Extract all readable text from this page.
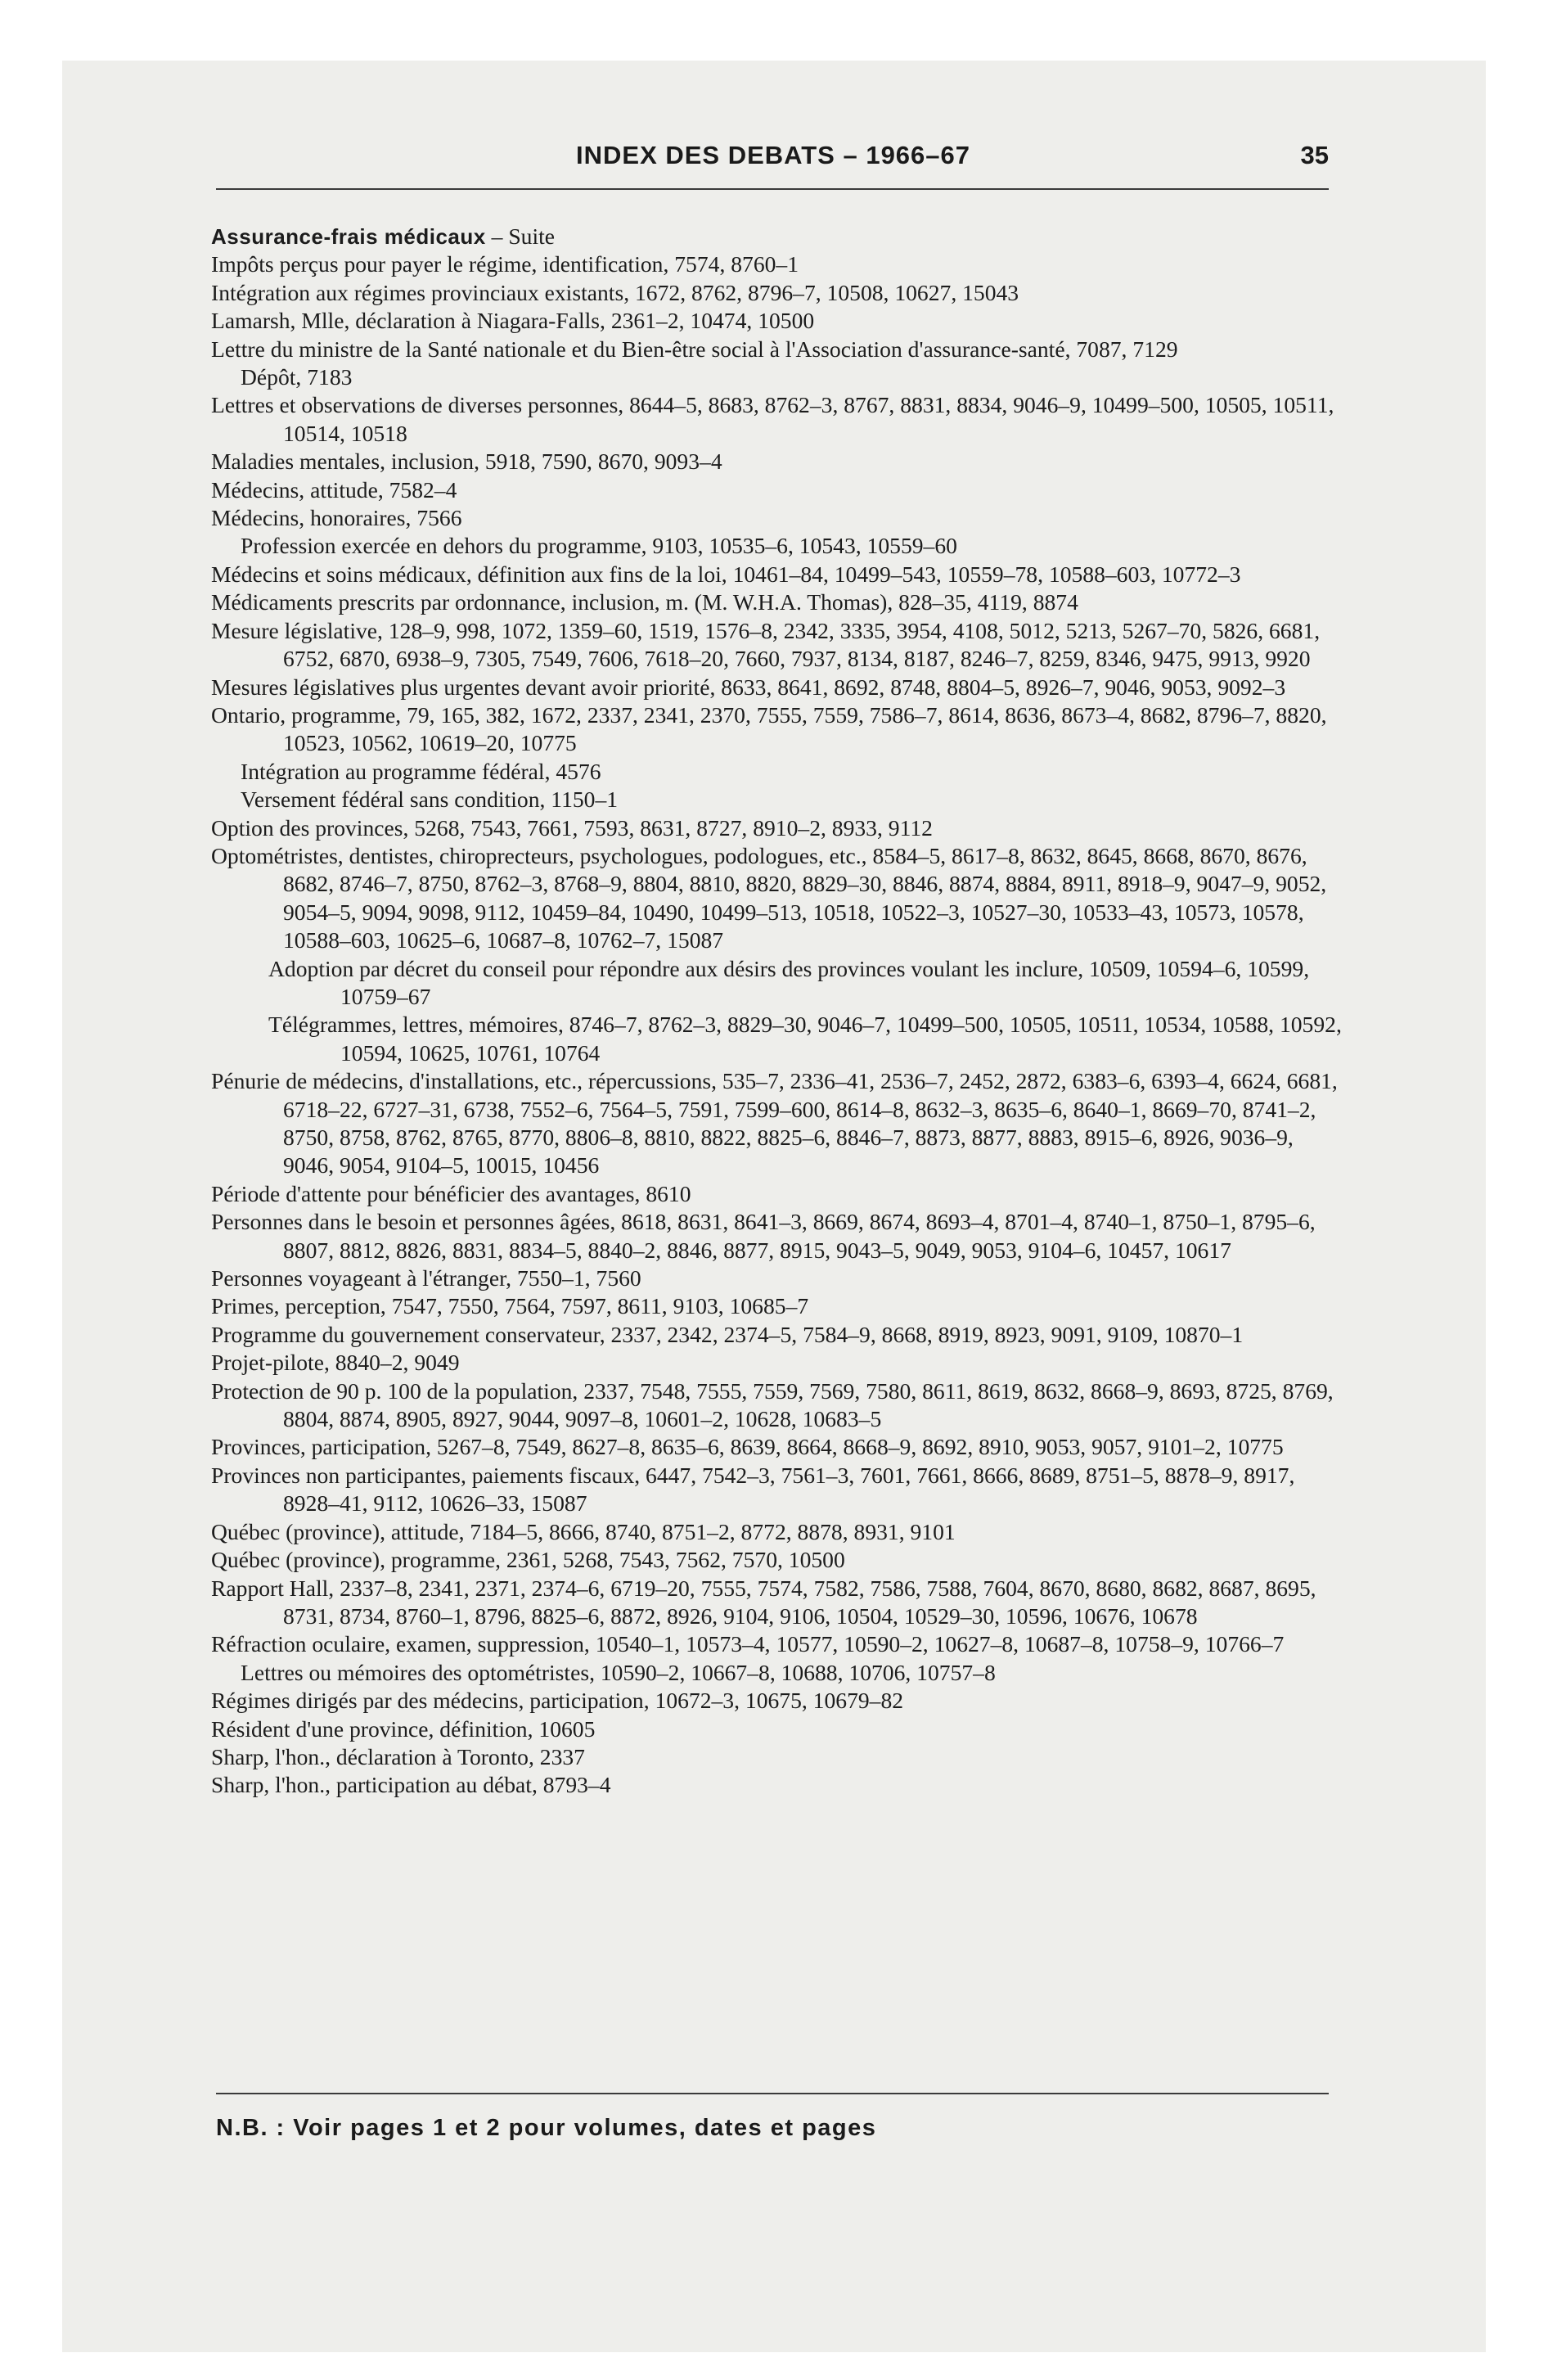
INDEX DES DEBATS – 1966–67	35

Assurance-frais médicaux – Suite

Impôts perçus pour payer le régime, identification, 7574, 8760–1

Intégration aux régimes provinciaux existants, 1672, 8762, 8796–7, 10508, 10627, 15043

Lamarsh, Mlle, déclaration à Niagara-Falls, 2361–2, 10474, 10500

Lettre du ministre de la Santé nationale et du Bien-être social à l'Association d'assurance-santé, 7087, 7129

Dépôt, 7183

Lettres et observations de diverses personnes, 8644–5, 8683, 8762–3, 8767, 8831, 8834, 9046–9, 10499–500, 10505, 10511, 10514, 10518

Maladies mentales, inclusion, 5918, 7590, 8670, 9093–4

Médecins, attitude, 7582–4

Médecins, honoraires, 7566

Profession exercée en dehors du programme, 9103, 10535–6, 10543, 10559–60

Médecins et soins médicaux, définition aux fins de la loi, 10461–84, 10499–543, 10559–78, 10588–603, 10772–3

Médicaments prescrits par ordonnance, inclusion, m. (M. W.H.A. Thomas), 828–35, 4119, 8874

Mesure législative, 128–9, 998, 1072, 1359–60, 1519, 1576–8, 2342, 3335, 3954, 4108, 5012, 5213, 5267–70, 5826, 6681, 6752, 6870, 6938–9, 7305, 7549, 7606, 7618–20, 7660, 7937, 8134, 8187, 8246–7, 8259, 8346, 9475, 9913, 9920

Mesures législatives plus urgentes devant avoir priorité, 8633, 8641, 8692, 8748, 8804–5, 8926–7, 9046, 9053, 9092–3

Ontario, programme, 79, 165, 382, 1672, 2337, 2341, 2370, 7555, 7559, 7586–7, 8614, 8636, 8673–4, 8682, 8796–7, 8820, 10523, 10562, 10619–20, 10775

Intégration au programme fédéral, 4576

Versement fédéral sans condition, 1150–1

Option des provinces, 5268, 7543, 7661, 7593, 8631, 8727, 8910–2, 8933, 9112

Optométristes, dentistes, chiroprecteurs, psychologues, podologues, etc., 8584–5, 8617–8, 8632, 8645, 8668, 8670, 8676, 8682, 8746–7, 8750, 8762–3, 8768–9, 8804, 8810, 8820, 8829–30, 8846, 8874, 8884, 8911, 8918–9, 9047–9, 9052, 9054–5, 9094, 9098, 9112, 10459–84, 10490, 10499–513, 10518, 10522–3, 10527–30, 10533–43, 10573, 10578, 10588–603, 10625–6, 10687–8, 10762–7, 15087

Adoption par décret du conseil pour répondre aux désirs des provinces voulant les inclure, 10509, 10594–6, 10599, 10759–67

Télégrammes, lettres, mémoires, 8746–7, 8762–3, 8829–30, 9046–7, 10499–500, 10505, 10511, 10534, 10588, 10592, 10594, 10625, 10761, 10764

Pénurie de médecins, d'installations, etc., répercussions, 535–7, 2336–41, 2536–7, 2452, 2872, 6383–6, 6393–4, 6624, 6681, 6718–22, 6727–31, 6738, 7552–6, 7564–5, 7591, 7599–600, 8614–8, 8632–3, 8635–6, 8640–1, 8669–70, 8741–2, 8750, 8758, 8762, 8765, 8770, 8806–8, 8810, 8822, 8825–6, 8846–7, 8873, 8877, 8883, 8915–6, 8926, 9036–9, 9046, 9054, 9104–5, 10015, 10456

Période d'attente pour bénéficier des avantages, 8610

Personnes dans le besoin et personnes âgées, 8618, 8631, 8641–3, 8669, 8674, 8693–4, 8701–4, 8740–1, 8750–1, 8795–6, 8807, 8812, 8826, 8831, 8834–5, 8840–2, 8846, 8877, 8915, 9043–5, 9049, 9053, 9104–6, 10457, 10617

Personnes voyageant à l'étranger, 7550–1, 7560

Primes, perception, 7547, 7550, 7564, 7597, 8611, 9103, 10685–7

Programme du gouvernement conservateur, 2337, 2342, 2374–5, 7584–9, 8668, 8919, 8923, 9091, 9109, 10870–1

Projet-pilote, 8840–2, 9049

Protection de 90 p. 100 de la population, 2337, 7548, 7555, 7559, 7569, 7580, 8611, 8619, 8632, 8668–9, 8693, 8725, 8769, 8804, 8874, 8905, 8927, 9044, 9097–8, 10601–2, 10628, 10683–5

Provinces, participation, 5267–8, 7549, 8627–8, 8635–6, 8639, 8664, 8668–9, 8692, 8910, 9053, 9057, 9101–2, 10775

Provinces non participantes, paiements fiscaux, 6447, 7542–3, 7561–3, 7601, 7661, 8666, 8689, 8751–5, 8878–9, 8917, 8928–41, 9112, 10626–33, 15087

Québec (province), attitude, 7184–5, 8666, 8740, 8751–2, 8772, 8878, 8931, 9101

Québec (province), programme, 2361, 5268, 7543, 7562, 7570, 10500

Rapport Hall, 2337–8, 2341, 2371, 2374–6, 6719–20, 7555, 7574, 7582, 7586, 7588, 7604, 8670, 8680, 8682, 8687, 8695, 8731, 8734, 8760–1, 8796, 8825–6, 8872, 8926, 9104, 9106, 10504, 10529–30, 10596, 10676, 10678

Réfraction oculaire, examen, suppression, 10540–1, 10573–4, 10577, 10590–2, 10627–8, 10687–8, 10758–9, 10766–7

Lettres ou mémoires des optométristes, 10590–2, 10667–8, 10688, 10706, 10757–8

Régimes dirigés par des médecins, participation, 10672–3, 10675, 10679–82

Résident d'une province, définition, 10605

Sharp, l'hon., déclaration à Toronto, 2337

Sharp, l'hon., participation au débat, 8793–4

N.B. : Voir pages 1 et 2 pour volumes, dates et pages
